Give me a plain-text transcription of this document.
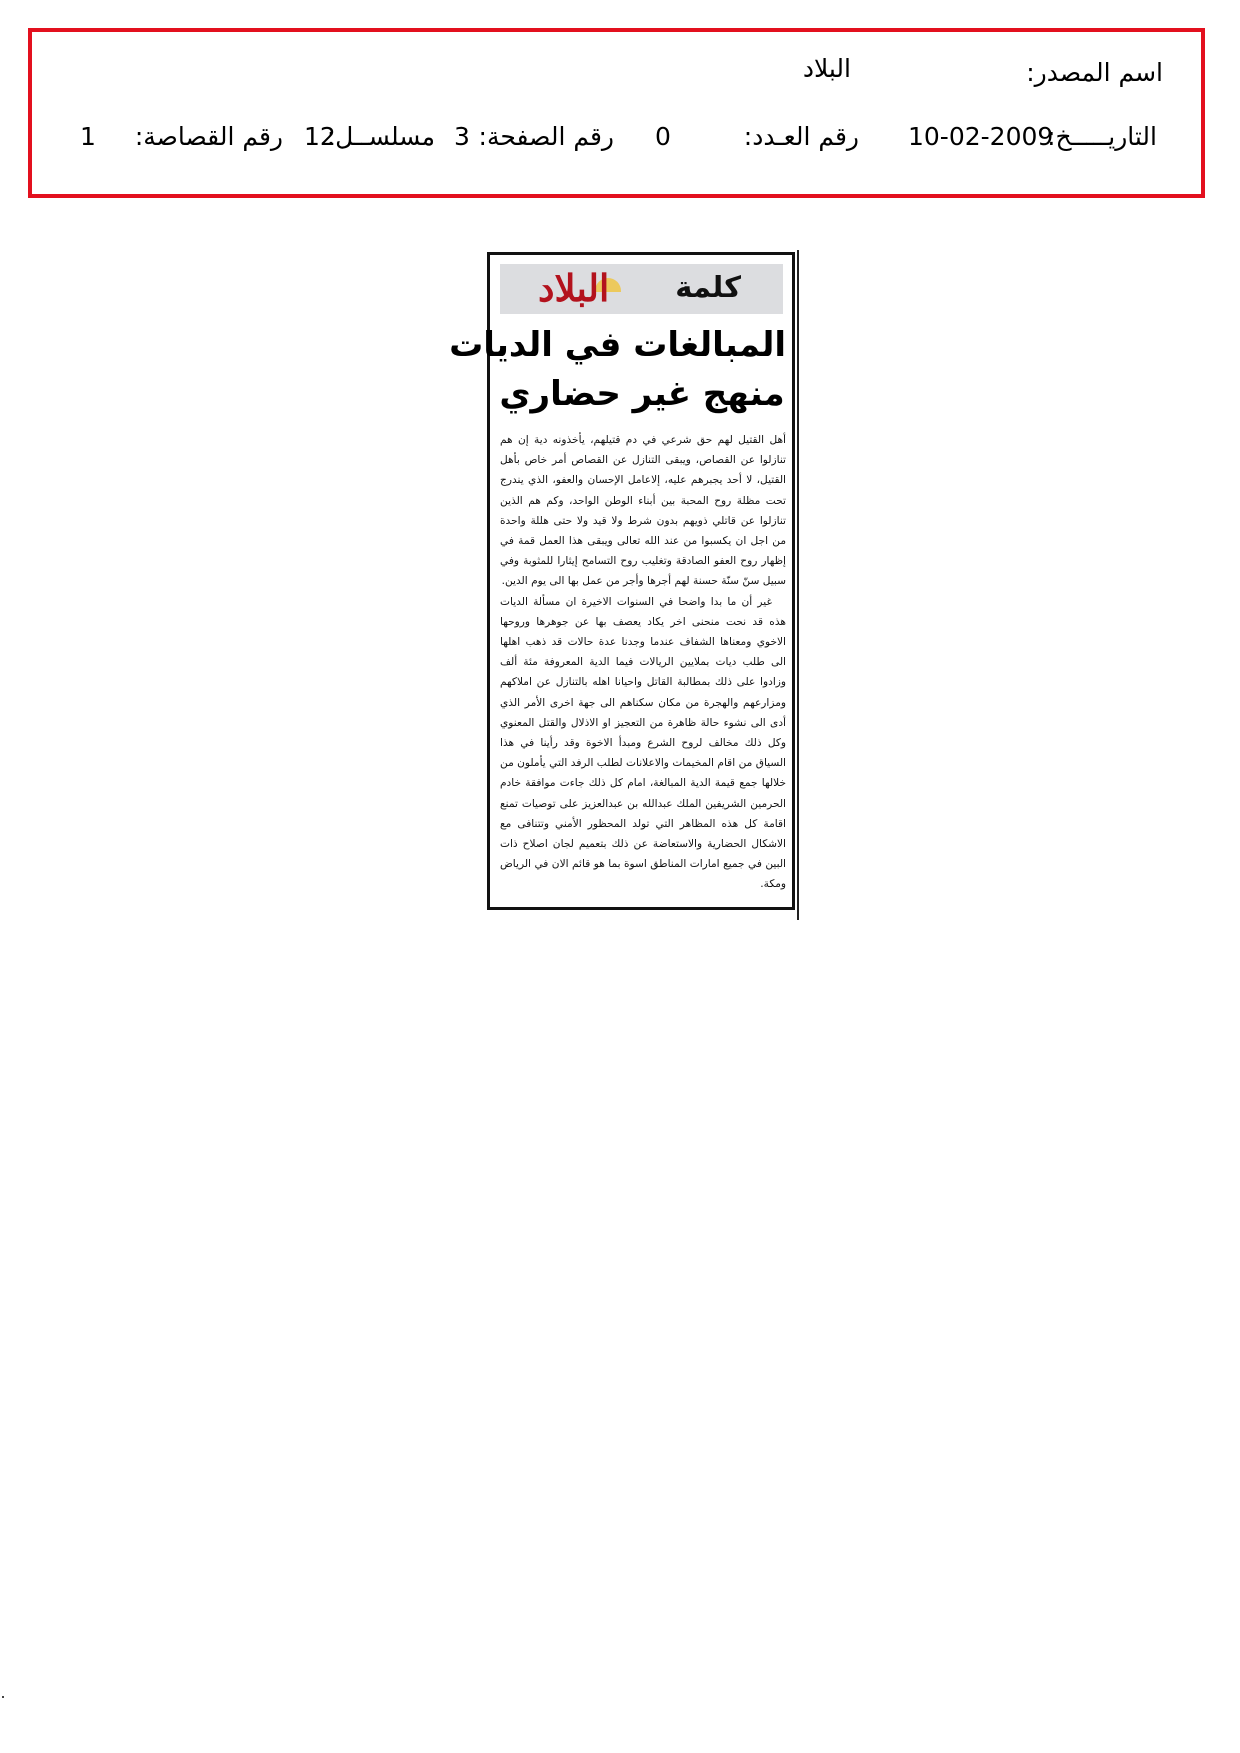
اسم المصدر:
البلاد
التاريـــــخ:
10-02-2009
رقم العـدد:
0
رقم الصفحة:
3
مسلســل:
12
رقم القصاصة:
1
البلاد كلمة
المبالغات في الديات
منهج غير حضاري

أهل القتيل لهم حق شرعي في دم قتيلهم، يأخذونه دية إن هم تنازلوا عن القصاص، ويبقى التنازل عن القصاص أمر خاص بأهل القتيل، لا أحد يجبرهم عليه، إلاعامل الإحسان والعفو، الذي يندرج تحت مظلة روح المحبة بين أبناء الوطن الواحد، وكم هم الذين تنازلوا عن قاتلي ذويهم بدون شرط ولا قيد ولا حتى هللة واحدة من اجل ان يكسبوا من عند الله تعالى ويبقى هذا العمل قمة في إظهار روح العفو الصادقة وتغليب روح التسامح إيثارا للمثوبة وفي سبيل سنّ سنّة حسنة لهم أجرها وأجر من عمل بها الى يوم الدين.

غير أن ما بدا واضحا في السنوات الاخيرة ان مسألة الديات هذه قد نحت منحنى اخر يكاد يعصف بها عن جوهرها وروحها الاخوي ومعناها الشفاف عندما وجدنا عدة حالات قد ذهب اهلها الى طلب ديات بملايين الريالات فيما الدية المعروفة مئة ألف وزادوا على ذلك بمطالبة القاتل واحيانا اهله بالتنازل عن املاكهم ومزارعهم والهجرة من مكان سكناهم الى جهة اخرى الأمر الذي أدى الى نشوء حالة ظاهرة من التعجيز او الاذلال والقتل المعنوي وكل ذلك مخالف لروح الشرع ومبدأ الاخوة وقد رأينا في هذا السياق من اقام المخيمات والاعلانات لطلب الرفد التي يأملون من خلالها جمع قيمة الدية المبالغة، امام كل ذلك جاءت موافقة خادم الحرمين الشريفين الملك عبدالله بن عبدالعزيز على توصيات تمنع اقامة كل هذه المظاهر التي تولد المحظور الأمني وتتنافى مع الاشكال الحضارية والاستعاضة عن ذلك بتعميم لجان اصلاح ذات البين في جميع امارات المناطق اسوة بما هو قائم الان في الرياض ومكة.
